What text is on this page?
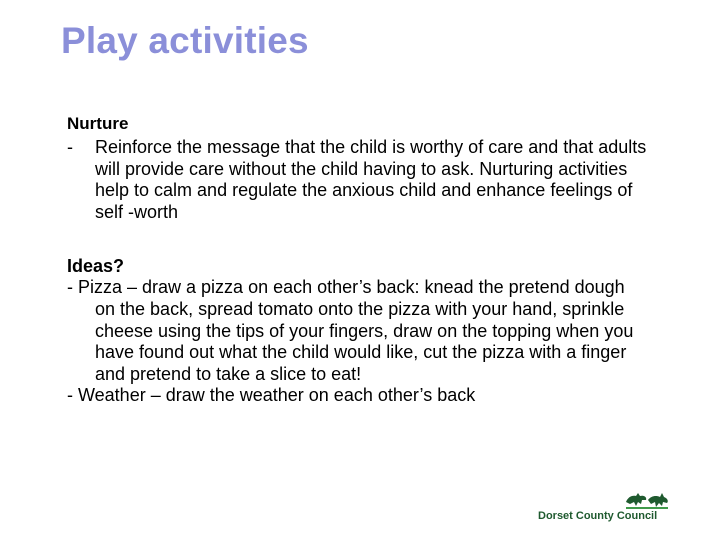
Play activities

Nurture

- Reinforce the message that the child is worthy of care and that adults will provide care without the child having to ask. Nurturing activities help to calm and regulate the anxious child and enhance feelings of self -worth

Ideas?

- Pizza – draw a pizza on each other’s back: knead the pretend dough on the back, spread tomato onto the pizza with your hand, sprinkle cheese using the tips of your fingers, draw on the topping when you have found out what the child would like, cut the pizza with a finger and pretend to take a slice to eat!

- Weather – draw the weather on each other’s back

Dorset County Council
